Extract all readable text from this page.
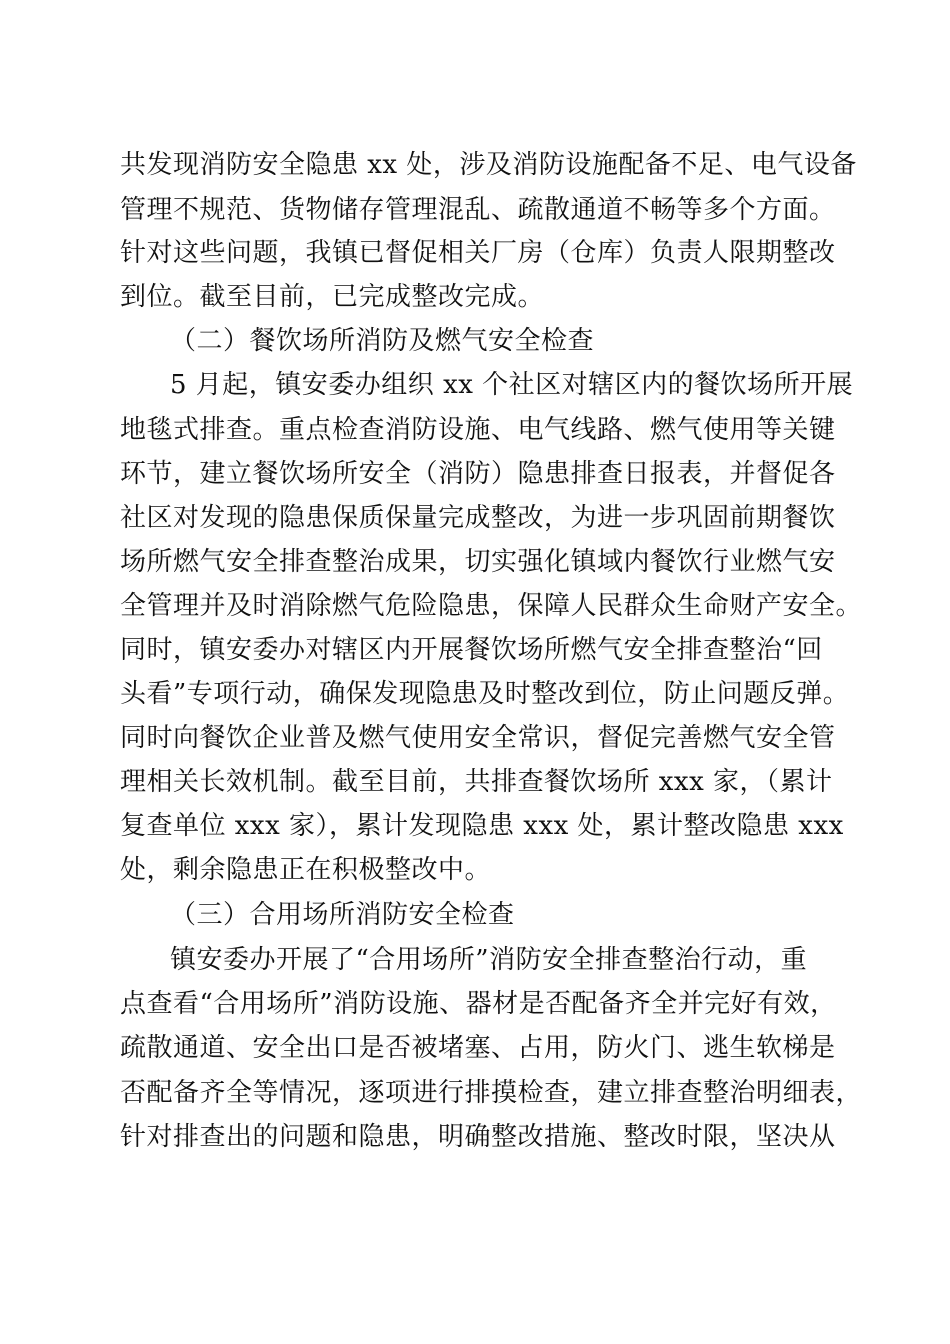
共发现消防安全隐患 xx 处，涉及消防设施配备不足、电气设备
管理不规范、货物储存管理混乱、疏散通道不畅等多个方面。
针对这些问题，我镇已督促相关厂房（仓库）负责人限期整改
到位。截至目前，已完成整改完成。
（二）餐饮场所消防及燃气安全检查
5 月起，镇安委办组织 xx 个社区对辖区内的餐饮场所开展
地毯式排查。重点检查消防设施、电气线路、燃气使用等关键
环节，建立餐饮场所安全（消防）隐患排查日报表，并督促各
社区对发现的隐患保质保量完成整改，为进一步巩固前期餐饮
场所燃气安全排查整治成果，切实强化镇域内餐饮行业燃气安
全管理并及时消除燃气危险隐患，保障人民群众生命财产安全。
同时，镇安委办对辖区内开展餐饮场所燃气安全排查整治“回
头看”专项行动，确保发现隐患及时整改到位，防止问题反弹。
同时向餐饮企业普及燃气使用安全常识，督促完善燃气安全管
理相关长效机制。截至目前，共排查餐饮场所 xxx 家，（累计
复查单位 xxx 家），累计发现隐患 xxx 处，累计整改隐患 xxx
处，剩余隐患正在积极整改中。
（三）合用场所消防安全检查
镇安委办开展了“合用场所”消防安全排查整治行动，重
点查看“合用场所”消防设施、器材是否配备齐全并完好有效，
疏散通道、安全出口是否被堵塞、占用，防火门、逃生软梯是
否配备齐全等情况，逐项进行排摸检查，建立排查整治明细表，
针对排查出的问题和隐患，明确整改措施、整改时限，坚决从
